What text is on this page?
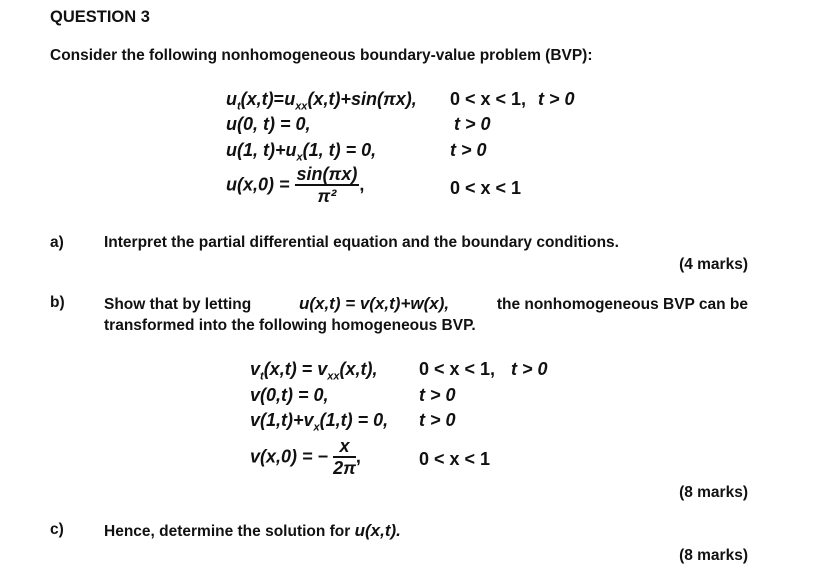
QUESTION 3
Consider the following nonhomogeneous boundary-value problem (BVP):
$u_t(x,t)=u_{xx}(x,t)+\sin(\pi x)$, 0 < x < 1, t > 0
u(0, t) = 0,	t > 0
u(1, $t)+u_x(1$, t) = 0,	t > 0
$u(x,0) = \frac{\sin(\pi x)}{\text{π²}}$ ,	0 < x < 1
a)	Interpret the partial differential equation and the boundary conditions.
(4 marks)
b)	Show that by letting	u(x,t) = v(x,t)+w(x),	the nonhomogeneous BVP can be
transformed into the following homogeneous BVP.
$v_t(x,t) = v_{xx}(x,t)$, 0 < x < 1, t > 0
v(0,t) = 0,	t > 0
$v(1,t)+v_x(1,t) = 0$, t > 0
v(x,0) = − $\frac{x}{2\pi}$ ,	0 < x < 1
(8 marks)
c)	Hence, determine the solution for u(x,t).
(8 marks)
